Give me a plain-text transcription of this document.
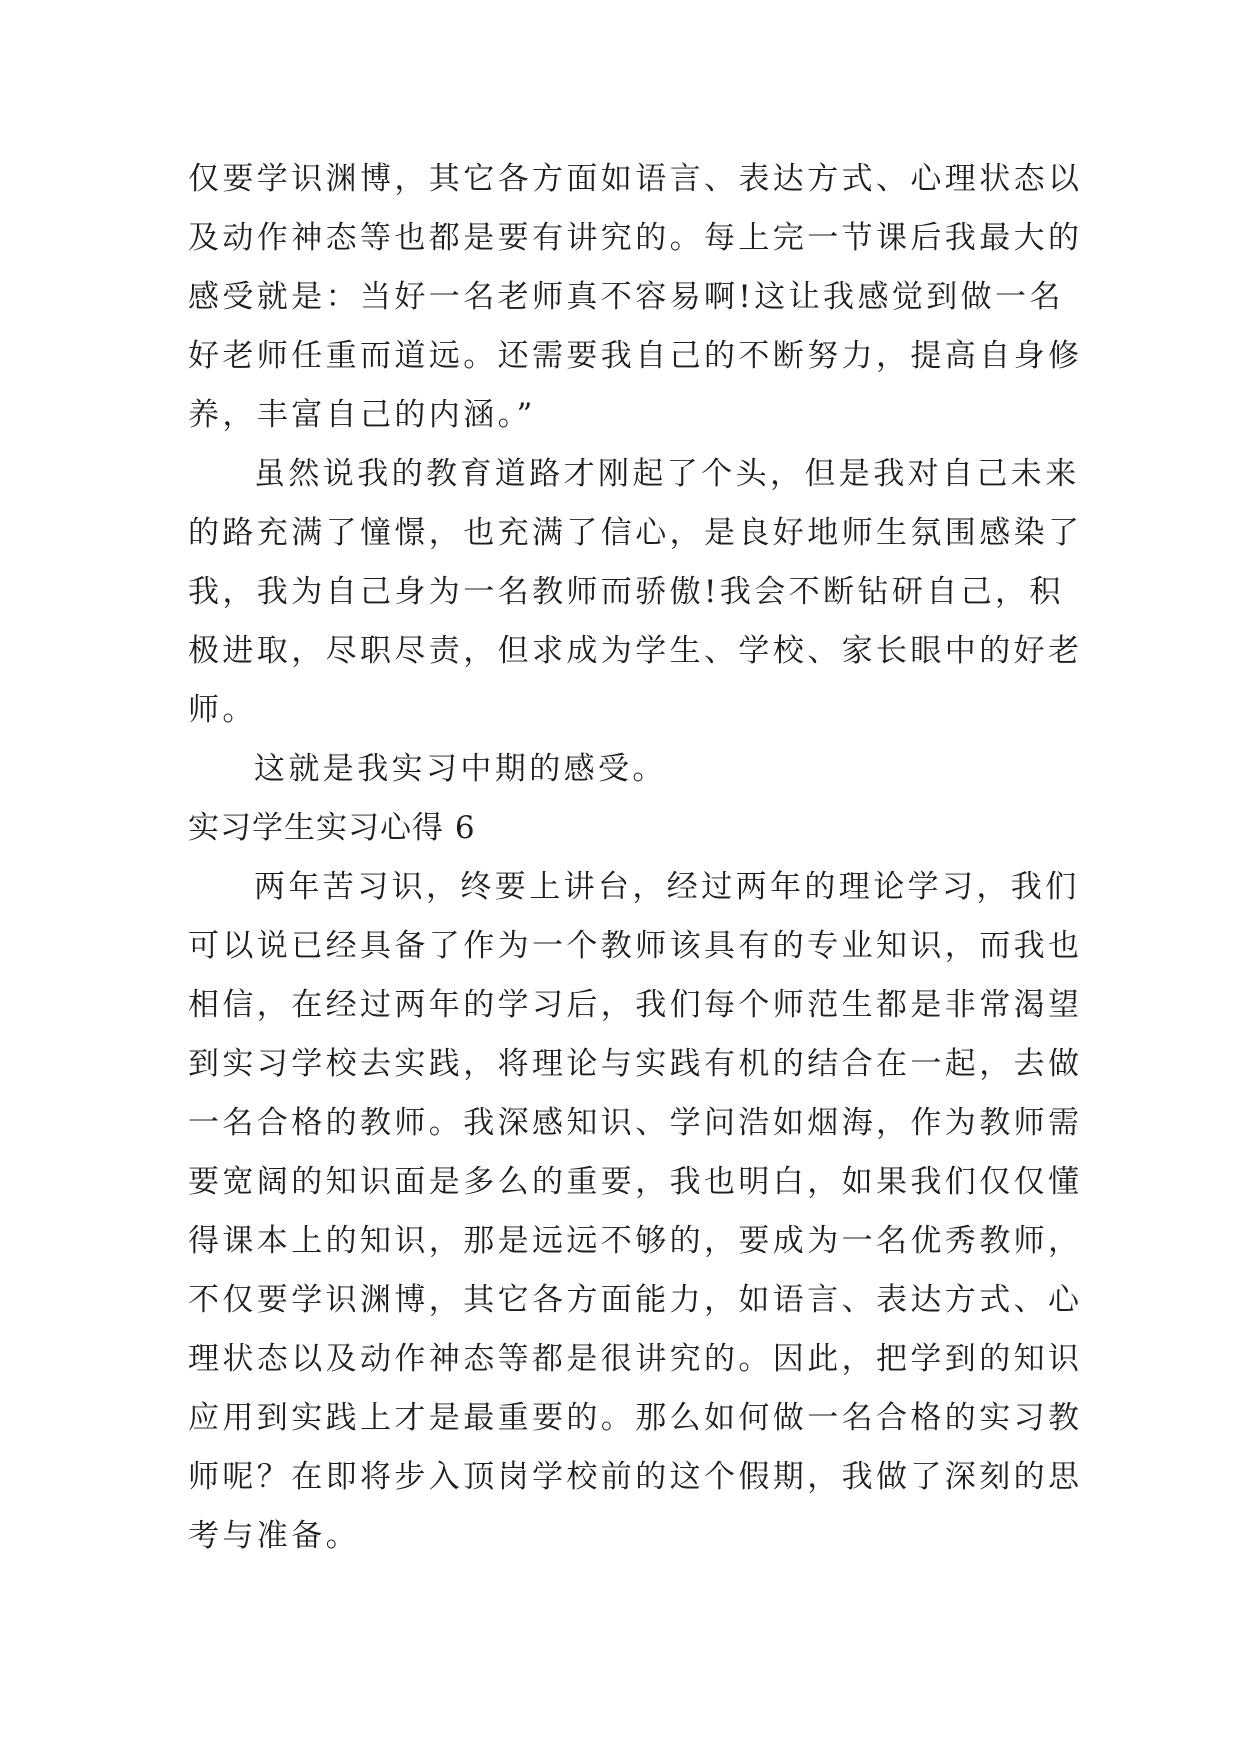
仅要学识渊博，其它各方面如语言、表达方式、心理状态以
及动作神态等也都是要有讲究的。每上完一节课后我最大的
感受就是：当好一名老师真不容易啊!这让我感觉到做一名
好老师任重而道远。还需要我自己的不断努力，提高自身修
养，丰富自己的内涵。”
虽然说我的教育道路才刚起了个头，但是我对自己未来
的路充满了憧憬，也充满了信心，是良好地师生氛围感染了
我，我为自己身为一名教师而骄傲!我会不断钻研自己，积
极进取，尽职尽责，但求成为学生、学校、家长眼中的好老
师。
这就是我实习中期的感受。
实习学生实习心得 6
两年苦习识，终要上讲台，经过两年的理论学习，我们
可以说已经具备了作为一个教师该具有的专业知识，而我也
相信，在经过两年的学习后，我们每个师范生都是非常渴望
到实习学校去实践，将理论与实践有机的结合在一起，去做
一名合格的教师。我深感知识、学问浩如烟海，作为教师需
要宽阔的知识面是多么的重要，我也明白，如果我们仅仅懂
得课本上的知识，那是远远不够的，要成为一名优秀教师，
不仅要学识渊博，其它各方面能力，如语言、表达方式、心
理状态以及动作神态等都是很讲究的。因此，把学到的知识
应用到实践上才是最重要的。那么如何做一名合格的实习教
师呢？在即将步入顶岗学校前的这个假期，我做了深刻的思
考与准备。
